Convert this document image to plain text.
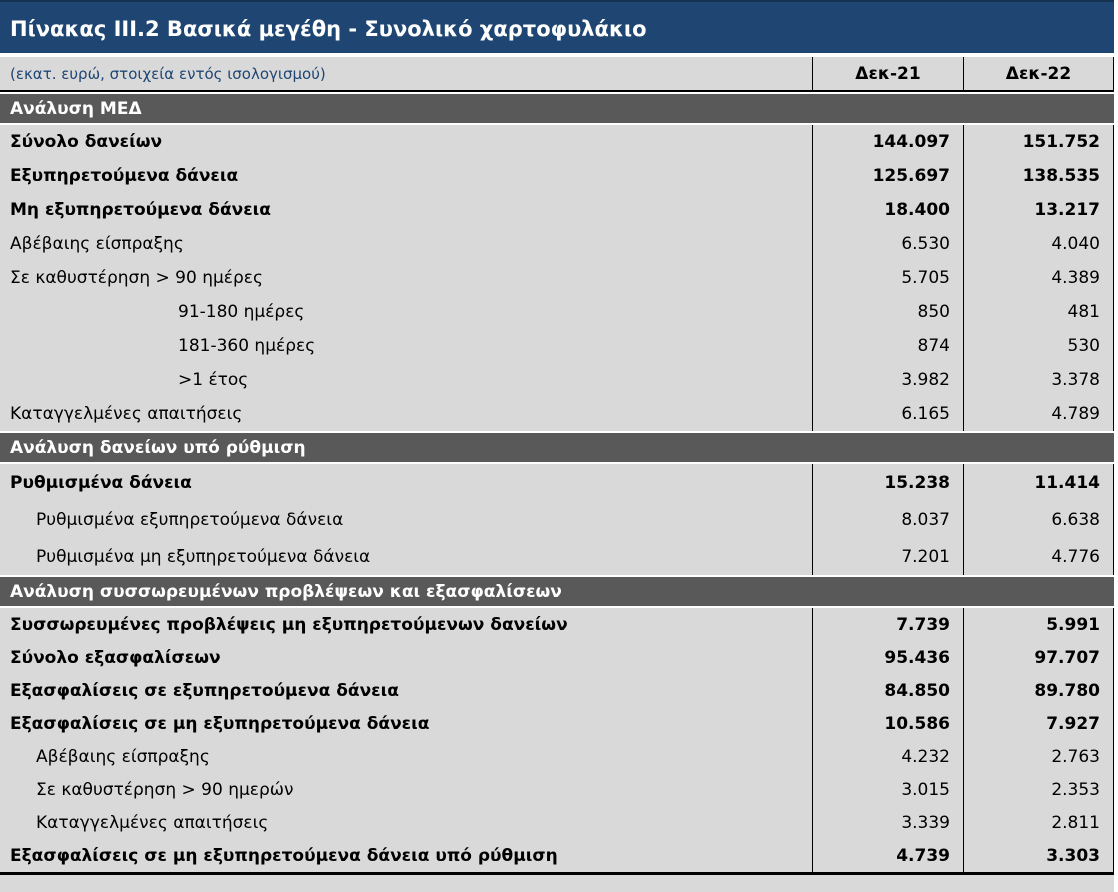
Πίνακας III.2 Βασικά μεγέθη - Συνολικό χαρτοφυλάκιο
(εκατ. ευρώ, στοιχεία εντός ισολογισμού)	Δεκ-21	Δεκ-22
Ανάλυση ΜΕΔ
Σύνολο δανείων	144.097	151.752
Εξυπηρετούμενα δάνεια	125.697	138.535
Μη εξυπηρετούμενα δάνεια	18.400	13.217
Αβέβαιης είσπραξης	6.530	4.040
Σε καθυστέρηση > 90 ημέρες	5.705	4.389
91-180 ημέρες	850	481
181-360 ημέρες	874	530
>1 έτος	3.982	3.378
Καταγγελμένες απαιτήσεις	6.165	4.789
Ανάλυση δανείων υπό ρύθμιση
Ρυθμισμένα δάνεια	15.238	11.414
Ρυθμισμένα εξυπηρετούμενα δάνεια	8.037	6.638
Ρυθμισμένα μη εξυπηρετούμενα δάνεια	7.201	4.776
Ανάλυση συσσωρευμένων προβλέψεων και εξασφαλίσεων
Συσσωρευμένες προβλέψεις μη εξυπηρετούμενων δανείων	7.739	5.991
Σύνολο εξασφαλίσεων	95.436	97.707
Εξασφαλίσεις σε εξυπηρετούμενα δάνεια	84.850	89.780
Εξασφαλίσεις σε μη εξυπηρετούμενα δάνεια	10.586	7.927
Αβέβαιης είσπραξης	4.232	2.763
Σε καθυστέρηση > 90 ημερών	3.015	2.353
Καταγγελμένες απαιτήσεις	3.339	2.811
Εξασφαλίσεις σε μη εξυπηρετούμενα δάνεια υπό ρύθμιση	4.739	3.303
